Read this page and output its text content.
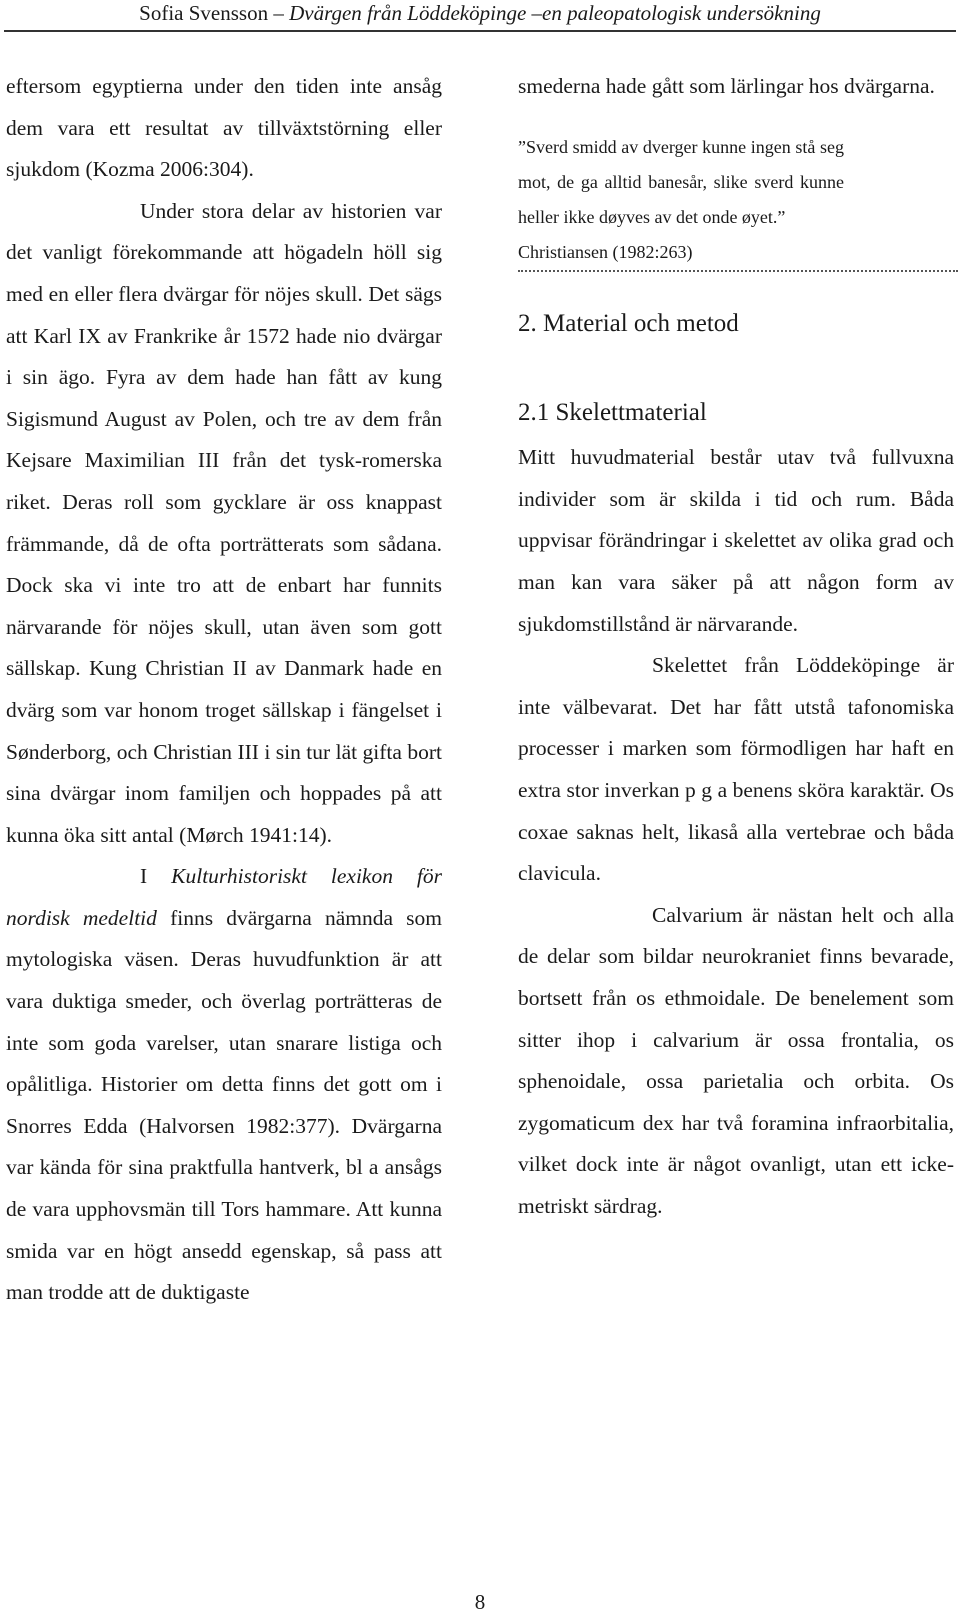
Sofia Svensson – Dvärgen från Löddeköpinge –en paleopatologisk undersökning

eftersom egyptierna under den tiden inte ansåg dem vara ett resultat av tillväxtstörning eller sjukdom (Kozma 2006:304).

Under stora delar av historien var det vanligt förekommande att högadeln höll sig med en eller flera dvärgar för nöjes skull. Det sägs att Karl IX av Frankrike år 1572 hade nio dvärgar i sin ägo. Fyra av dem hade han fått av kung Sigismund August av Polen, och tre av dem från Kejsare Maximilian III från det tysk-romerska riket. Deras roll som gycklare är oss knappast främmande, då de ofta porträtterats som sådana. Dock ska vi inte tro att de enbart har funnits närvarande för nöjes skull, utan även som gott sällskap. Kung Christian II av Danmark hade en dvärg som var honom troget sällskap i fängelset i Sønderborg, och Christian III i sin tur lät gifta bort sina dvärgar inom familjen och hoppades på att kunna öka sitt antal (Mørch 1941:14).

I Kulturhistoriskt lexikon för nordisk medeltid finns dvärgarna nämnda som mytologiska väsen. Deras huvudfunktion är att vara duktiga smeder, och överlag porträtteras de inte som goda varelser, utan snarare listiga och opålitliga. Historier om detta finns det gott om i Snorres Edda (Halvorsen 1982:377). Dvärgarna var kända för sina praktfulla hantverk, bl a ansågs de vara upphovsmän till Tors hammare. Att kunna smida var en högt ansedd egenskap, så pass att man trodde att de duktigaste

smederna hade gått som lärlingar hos dvärgarna.

”Sverd smidd av dverger kunne ingen stå seg mot, de ga alltid banesår, slike sverd kunne heller ikke døyves av det onde øyet.”

Christiansen (1982:263)

2. Material och metod
2.1 Skelettmaterial

Mitt huvudmaterial består utav två fullvuxna individer som är skilda i tid och rum. Båda uppvisar förändringar i skelettet av olika grad och man kan vara säker på att någon form av sjukdomstillstånd är närvarande.

Skelettet från Löddeköpinge är inte välbevarat. Det har fått utstå tafonomiska processer i marken som förmodligen har haft en extra stor inverkan p g a benens sköra karaktär. Os coxae saknas helt, likaså alla vertebrae och båda clavicula.

Calvarium är nästan helt och alla de delar som bildar neurokraniet finns bevarade, bortsett från os ethmoidale. De benelement som sitter ihop i calvarium är ossa frontalia, os sphenoidale, ossa parietalia och orbita. Os zygomaticum dex har två foramina infraorbitalia, vilket dock inte är något ovanligt, utan ett icke-metriskt särdrag.

8
